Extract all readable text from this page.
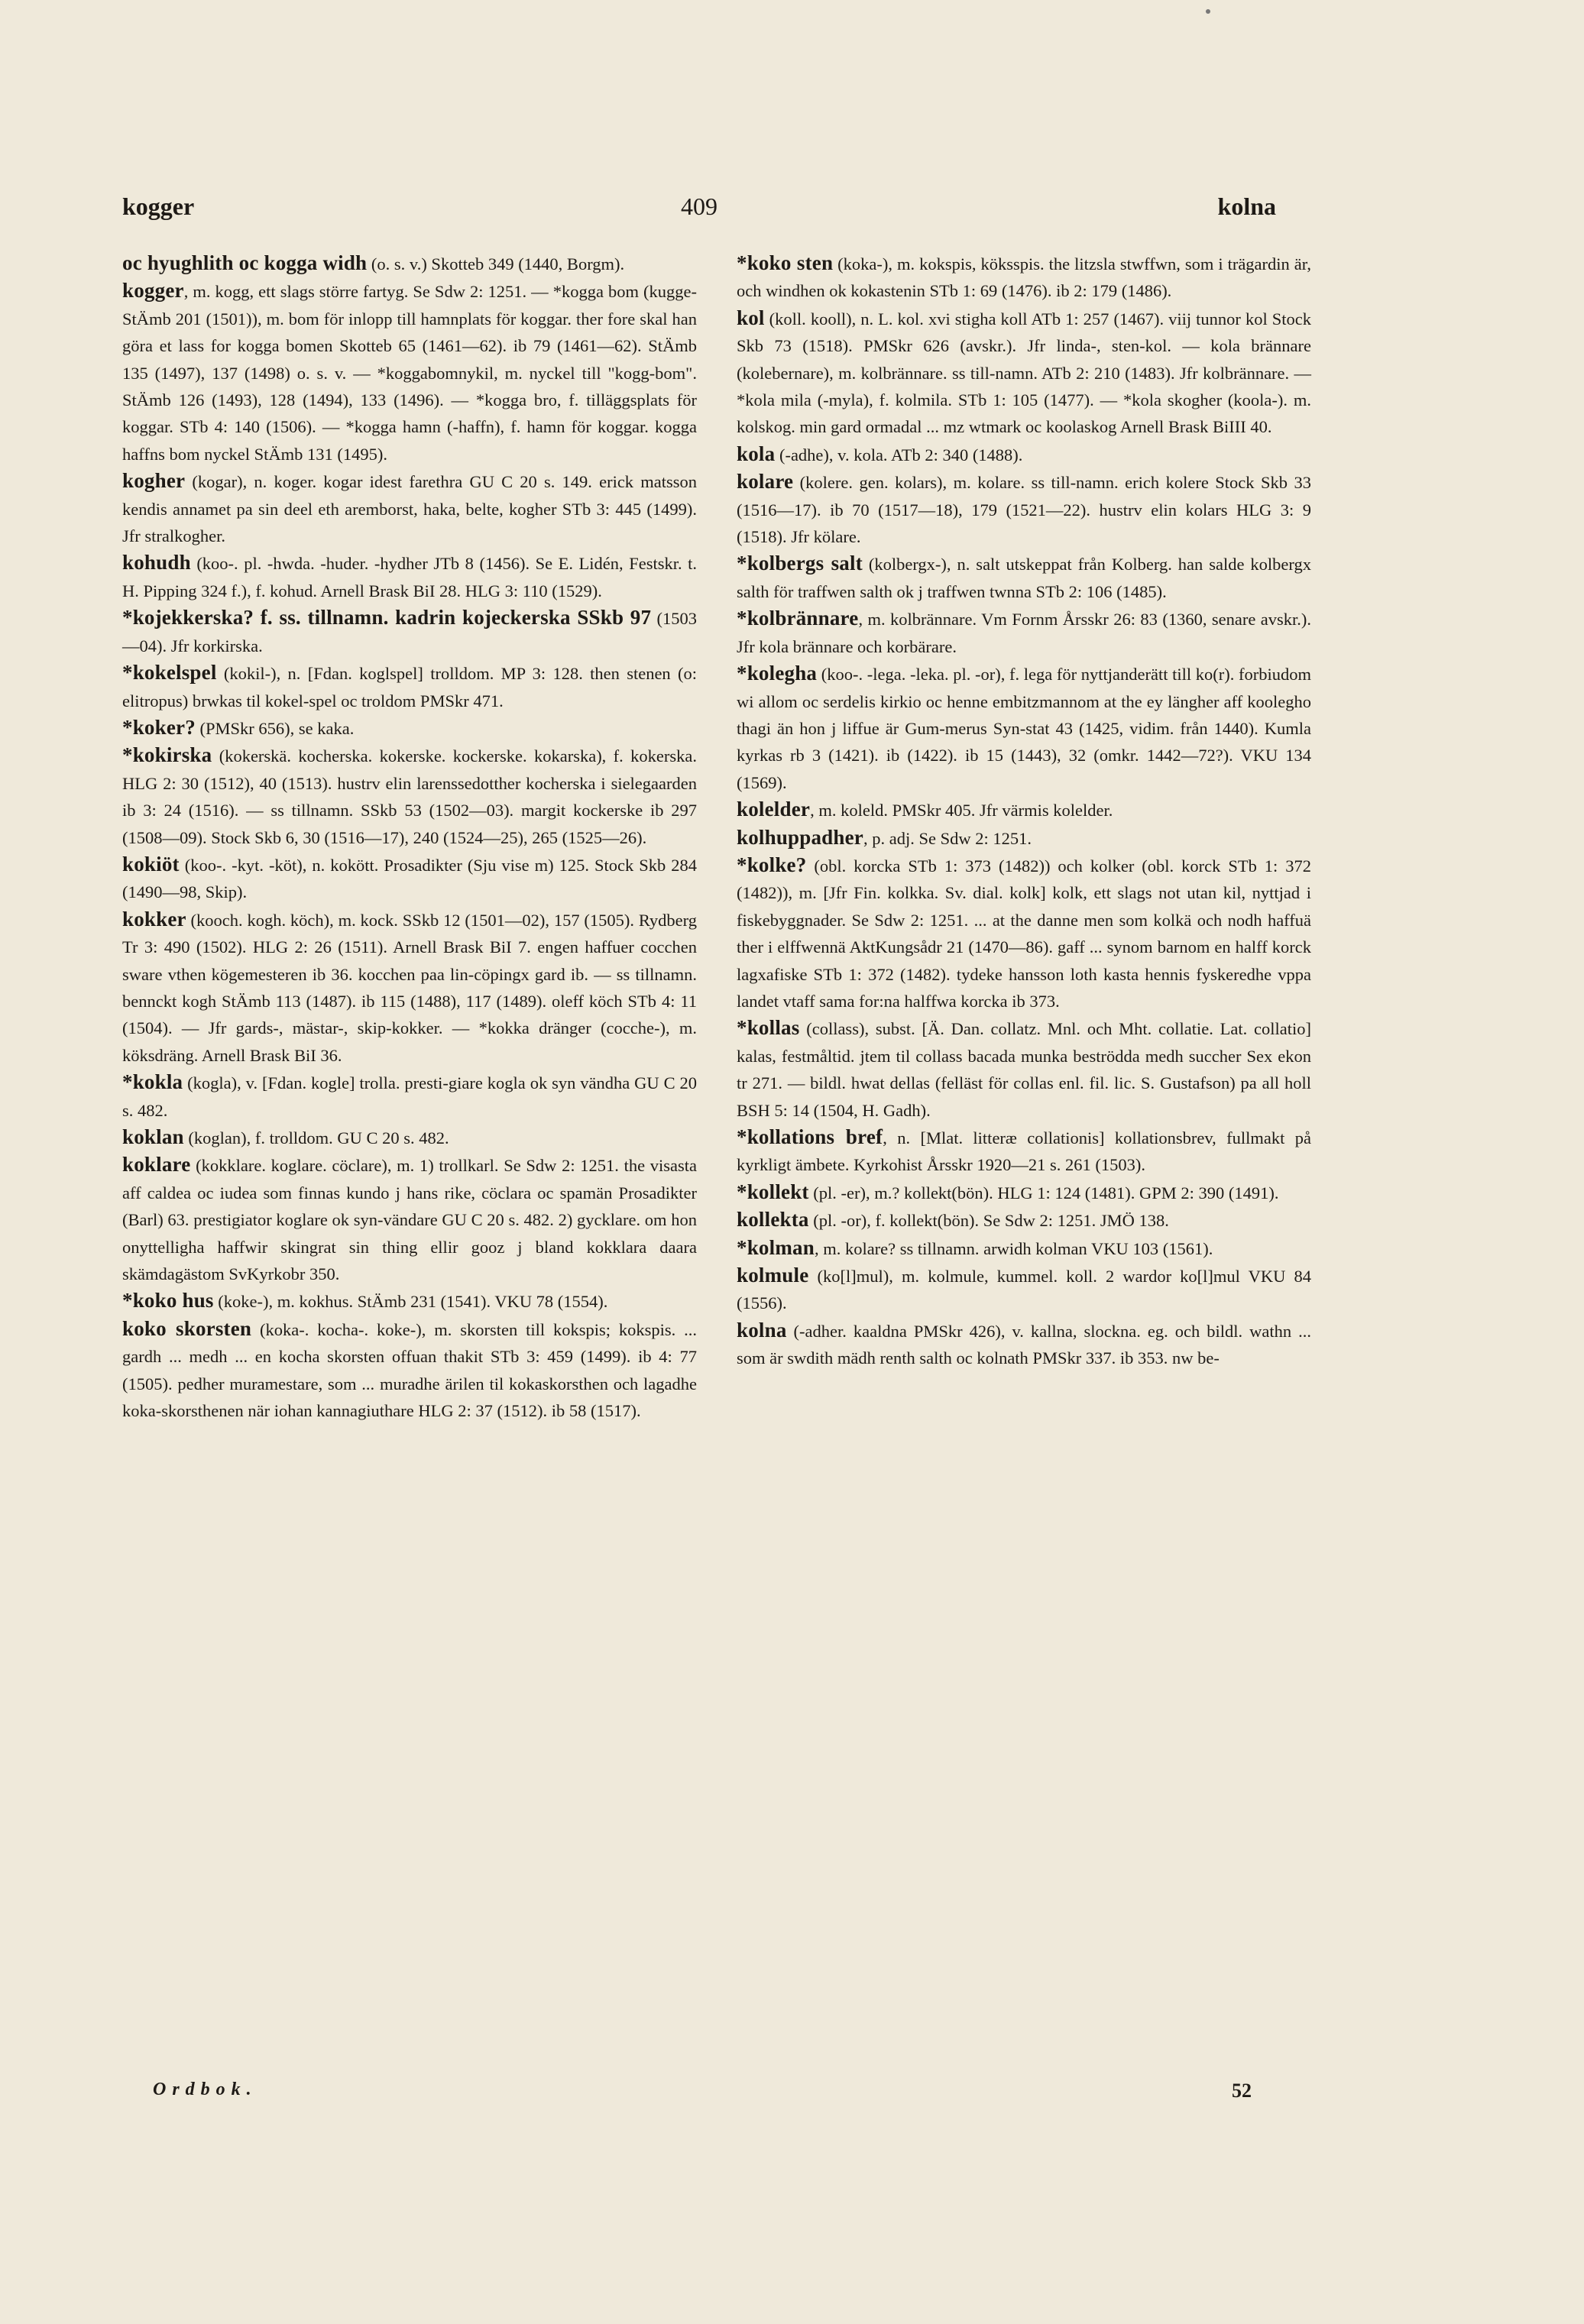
kogger	409	kolna

oc hyughlith oc kogga widh (o. s. v.) Skotteb 349 (1440, Borgm).

kogger, m. kogg, ett slags större fartyg. Se Sdw 2: 1251. — *kogga bom (kugge- StÄmb 201 (1501)), m. bom för inlopp till hamnplats för koggar. ther fore skal han göra et lass for kogga bomen Skotteb 65 (1461—62). ib 79 (1461—62). StÄmb 135 (1497), 137 (1498) o. s. v. — *koggabomnykil, m. nyckel till "kogg-bom". StÄmb 126 (1493), 128 (1494), 133 (1496). — *kogga bro, f. tilläggsplats för koggar. STb 4: 140 (1506). — *kogga hamn (-haffn), f. hamn för koggar. kogga haffns bom nyckel StÄmb 131 (1495).

kogher (kogar), n. koger. kogar idest farethra GU C 20 s. 149. erick matsson kendis annamet pa sin deel eth aremborst, haka, belte, kogher STb 3: 445 (1499). Jfr stralkogher.

kohudh (koo-. pl. -hwda. -huder. -hydher JTb 8 (1456). Se E. Lidén, Festskr. t. H. Pipping 324 f.), f. kohud. Arnell Brask BiI 28. HLG 3: 110 (1529).

*kojekkerska? f. ss. tillnamn. kadrin kojeckerska SSkb 97 (1503—04). Jfr korkirska.

*kokelspel (kokil-), n. [Fdan. koglspel] trolldom. MP 3: 128. then stenen (o: elitropus) brwkas til kokel-spel oc troldom PMSkr 471.

*koker? (PMSkr 656), se kaka.

*kokirska (kokerskä. kocherska. kokerske. kockerske. kokarska), f. kokerska. HLG 2: 30 (1512), 40 (1513). hustrv elin larenssedotther kocherska i sielegaarden ib 3: 24 (1516). — ss tillnamn. SSkb 53 (1502—03). margit kockerske ib 297 (1508—09). Stock Skb 6, 30 (1516—17), 240 (1524—25), 265 (1525—26).

kokiöt (koo-. -kyt. -köt), n. kokött. Prosadikter (Sju vise m) 125. Stock Skb 284 (1490—98, Skip).

kokker (kooch. kogh. köch), m. kock. SSkb 12 (1501—02), 157 (1505). Rydberg Tr 3: 490 (1502). HLG 2: 26 (1511). Arnell Brask BiI 7. engen haffuer cocchen sware vthen kögemesteren ib 36. kocchen paa lin-cöpingx gard ib. — ss tillnamn. bennckt kogh StÄmb 113 (1487). ib 115 (1488), 117 (1489). oleff köch STb 4: 11 (1504). — Jfr gards-, mästar-, skip-kokker. — *kokka dränger (cocche-), m. köksdräng. Arnell Brask BiI 36.

*kokla (kogla), v. [Fdan. kogle] trolla. presti-giare kogla ok syn vändha GU C 20 s. 482.

koklan (koglan), f. trolldom. GU C 20 s. 482.

koklare (kokklare. koglare. cöclare), m. 1) trollkarl. Se Sdw 2: 1251. the visasta aff caldea oc iudea som finnas kundo j hans rike, cöclara oc spamän Prosadikter (Barl) 63. prestigiator koglare ok syn-vändare GU C 20 s. 482. 2) gycklare. om hon onyttelligha haffwir skingrat sin thing ellir gooz j bland kokklara daara skämdagästom SvKyrkobr 350.

*koko hus (koke-), m. kokhus. StÄmb 231 (1541). VKU 78 (1554).

koko skorsten (koka-. kocha-. koke-), m. skorsten till kokspis; kokspis. ... gardh ... medh ... en kocha skorsten offuan thakit STb 3: 459 (1499). ib 4: 77 (1505). pedher muramestare, som ... muradhe ärilen til kokaskorsthen och lagadhe koka-skorsthenen när iohan kannagiuthare HLG 2: 37 (1512). ib 58 (1517).

*koko sten (koka-), m. kokspis, köksspis. the litzsla stwffwn, som i trägardin är, och windhen ok kokastenin STb 1: 69 (1476). ib 2: 179 (1486).

kol (koll. kooll), n. L. kol. xvi stigha koll ATb 1: 257 (1467). viij tunnor kol Stock Skb 73 (1518). PMSkr 626 (avskr.). Jfr linda-, sten-kol. — kola brännare (kolebernare), m. kolbrännare. ss till-namn. ATb 2: 210 (1483). Jfr kolbrännare. — *kola mila (-myla), f. kolmila. STb 1: 105 (1477). — *kola skogher (koola-). m. kolskog. min gard ormadal ... mz wtmark oc koolaskog Arnell Brask BiIII 40.

kola (-adhe), v. kola. ATb 2: 340 (1488).

kolare (kolere. gen. kolars), m. kolare. ss till-namn. erich kolere Stock Skb 33 (1516—17). ib 70 (1517—18), 179 (1521—22). hustrv elin kolars HLG 3: 9 (1518). Jfr kölare.

*kolbergs salt (kolbergx-), n. salt utskeppat från Kolberg. han salde kolbergx salth för traffwen salth ok j traffwen twnna STb 2: 106 (1485).

*kolbrännare, m. kolbrännare. Vm Fornm Årsskr 26: 83 (1360, senare avskr.). Jfr kola brännare och korbärare.

*kolegha (koo-. -lega. -leka. pl. -or), f. lega för nyttjanderätt till ko(r). forbiudom wi allom oc serdelis kirkio oc henne embitzmannom at the ey längher aff koolegho thagi än hon j liffue är Gum-merus Syn-stat 43 (1425, vidim. från 1440). Kumla kyrkas rb 3 (1421). ib (1422). ib 15 (1443), 32 (omkr. 1442—72?). VKU 134 (1569).

kolelder, m. koleld. PMSkr 405. Jfr värmis kolelder.

kolhuppadher, p. adj. Se Sdw 2: 1251.

*kolke? (obl. korcka STb 1: 373 (1482)) och kolker (obl. korck STb 1: 372 (1482)), m. [Jfr Fin. kolkka. Sv. dial. kolk] kolk, ett slags not utan kil, nyttjad i fiskebyggnader. Se Sdw 2: 1251. ... at the danne men som kolkä och nodh haffuä ther i elffwennä AktKungsådr 21 (1470—86). gaff ... synom barnom en halff korck lagxafiske STb 1: 372 (1482). tydeke hansson loth kasta hennis fyskeredhe vppa landet vtaff sama for:na halffwa korcka ib 373.

*kollas (collass), subst. [Ä. Dan. collatz. Mnl. och Mht. collatie. Lat. collatio] kalas, festmåltid. jtem til collass bacada munka beströdda medh succher Sex ekon tr 271. — bildl. hwat dellas (felläst för collas enl. fil. lic. S. Gustafson) pa all holl BSH 5: 14 (1504, H. Gadh).

*kollations bref, n. [Mlat. litteræ collationis] kollationsbrev, fullmakt på kyrkligt ämbete. Kyrkohist Årsskr 1920—21 s. 261 (1503).

*kollekt (pl. -er), m.? kollekt(bön). HLG 1: 124 (1481). GPM 2: 390 (1491).

kollekta (pl. -or), f. kollekt(bön). Se Sdw 2: 1251. JMÖ 138.

*kolman, m. kolare? ss tillnamn. arwidh kolman VKU 103 (1561).

kolmule (ko[l]mul), m. kolmule, kummel. koll. 2 wardor ko[l]mul VKU 84 (1556).

kolna (-adher. kaaldna PMSkr 426), v. kallna, slockna. eg. och bildl. wathn ... som är swdith mädh renth salth oc kolnath PMSkr 337. ib 353. nw be-

Ordbok.	52
